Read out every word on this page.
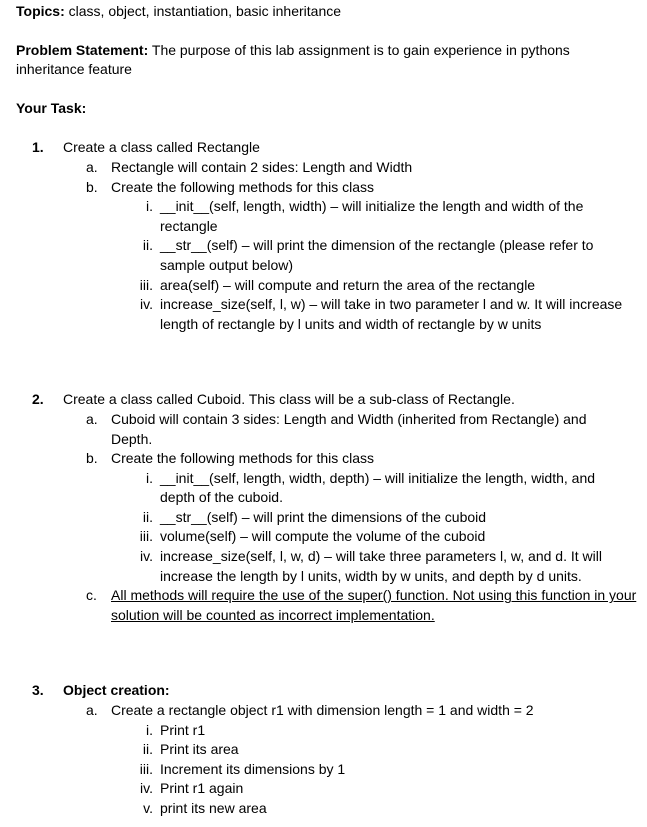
Topics: class, object, instantiation, basic inheritance

Problem Statement: The purpose of this lab assignment is to gain experience in pythons inheritance feature

Your Task:

1.	Create a class called Rectangle
a. Rectangle will contain 2 sides: Length and Width
b. Create the following methods for this class
i. __init__(self, length, width) – will initialize the length and width of the rectangle
ii. __str__(self) – will print the dimension of the rectangle (please refer to sample output below)
iii. area(self) – will compute and return the area of the rectangle
iv. increase_size(self, l, w) – will take in two parameter l and w. It will increase length of rectangle by l units and width of rectangle by w units
2.	Create a class called Cuboid. This class will be a sub-class of Rectangle.
a. Cuboid will contain 3 sides: Length and Width (inherited from Rectangle) and Depth.
b. Create the following methods for this class
i. __init__(self, length, width, depth) – will initialize the length, width, and depth of the cuboid.
ii. __str__(self) – will print the dimensions of the cuboid
iii. volume(self) – will compute the volume of the cuboid
iv. increase_size(self, l, w, d) – will take three parameters l, w, and d. It will increase the length by l units, width by w units, and depth by d units.
c.	All methods will require the use of the super() function. Not using this function in your solution will be counted as incorrect implementation.
3.	Object creation:
a. Create a rectangle object r1 with dimension length = 1 and width = 2
i. Print r1
ii. Print its area
iii. Increment its dimensions by 1
iv. Print r1 again
v. print its new area
